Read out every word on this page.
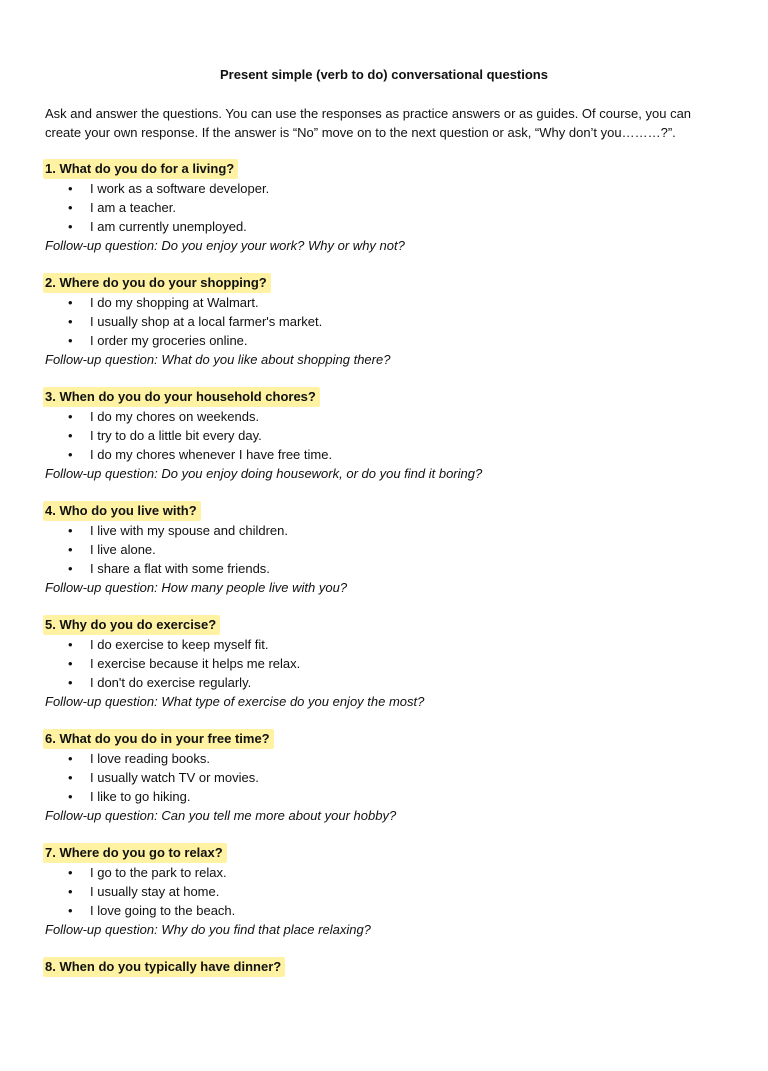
Present simple (verb to do) conversational questions

Ask and answer the questions. You can use the responses as practice answers or as guides. Of course, you can

create your own response. If the answer is “No” move on to the next question or ask, “Why don’t you………?”.

1. What do you do for a living?
• I work as a software developer.
• I am a teacher.
• I am currently unemployed.
Follow-up question: Do you enjoy your work? Why or why not?
2. Where do you do your shopping?
• I do my shopping at Walmart.
• I usually shop at a local farmer's market.
• I order my groceries online.
Follow-up question: What do you like about shopping there?
3. When do you do your household chores?
• I do my chores on weekends.
• I try to do a little bit every day.
• I do my chores whenever I have free time.
Follow-up question: Do you enjoy doing housework, or do you find it boring?
4. Who do you live with?
• I live with my spouse and children.
• I live alone.
• I share a flat with some friends.
Follow-up question: How many people live with you?
5. Why do you do exercise?
• I do exercise to keep myself fit.
• I exercise because it helps me relax.
• I don't do exercise regularly.
Follow-up question: What type of exercise do you enjoy the most?
6. What do you do in your free time?
• I love reading books.
• I usually watch TV or movies.
• I like to go hiking.
Follow-up question: Can you tell me more about your hobby?
7. Where do you go to relax?
• I go to the park to relax.
• I usually stay at home.
• I love going to the beach.
Follow-up question: Why do you find that place relaxing?
8. When do you typically have dinner?
